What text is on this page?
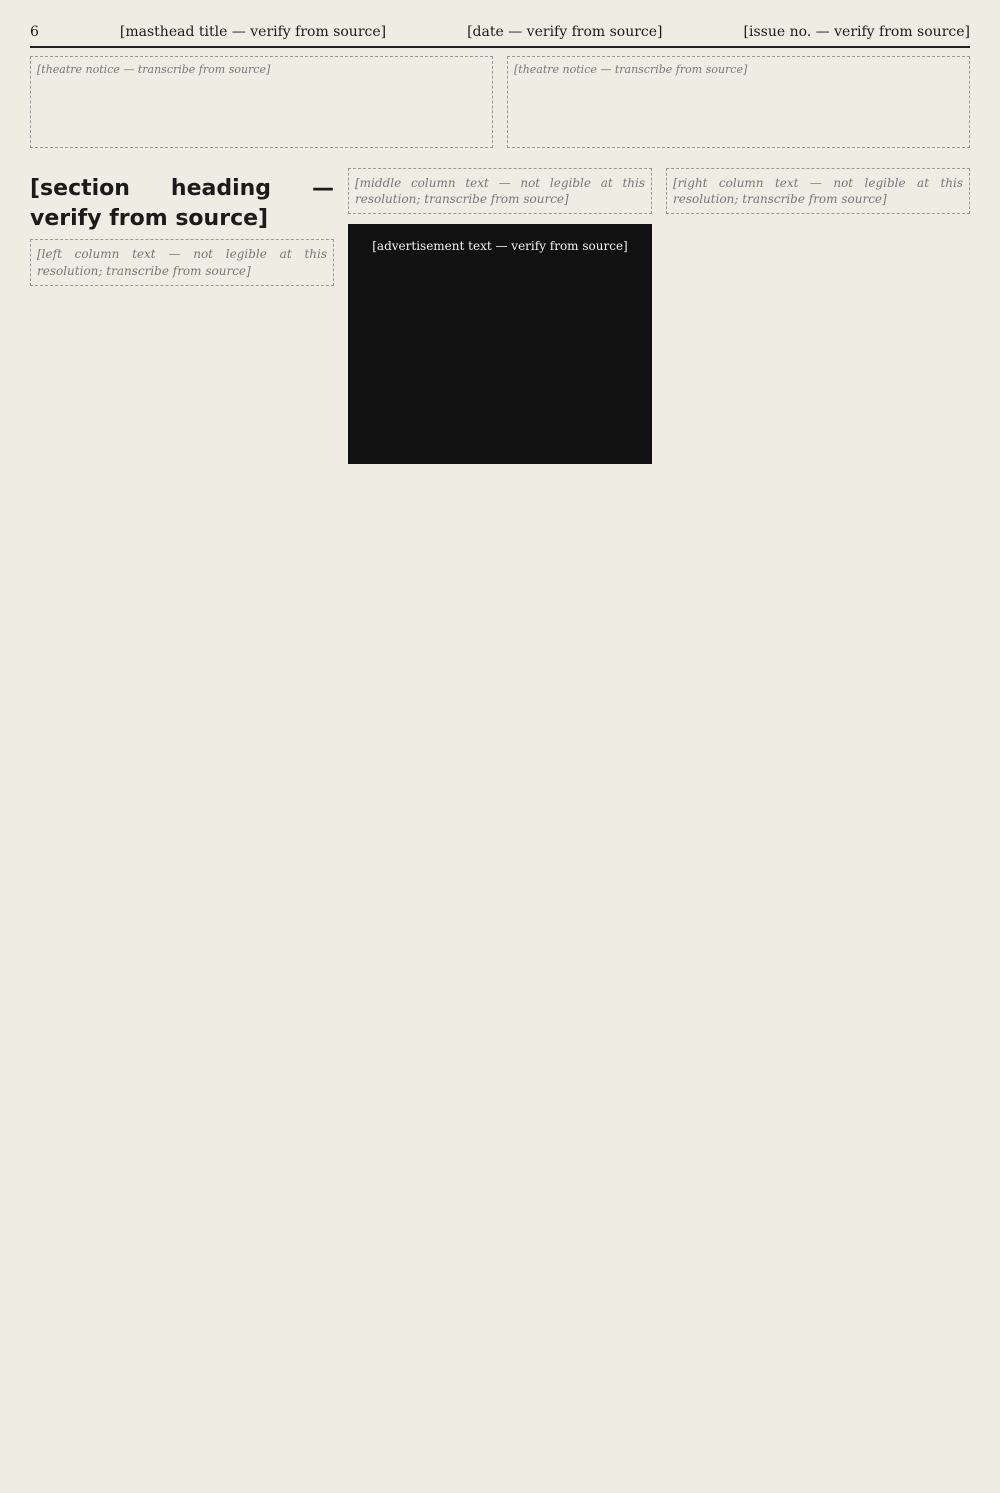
6	[masthead title — verify from source]	[date — verify from source]	[issue no. — verify from source]
[theatre notice — transcribe from source]	[theatre notice — transcribe from source]
[section heading — verify from source]
[left column text — not legible at this resolution; transcribe from source]
[middle column text — not legible at this resolution; transcribe from source]
[advertisement text — verify from source]
[right column text — not legible at this resolution; transcribe from source]
